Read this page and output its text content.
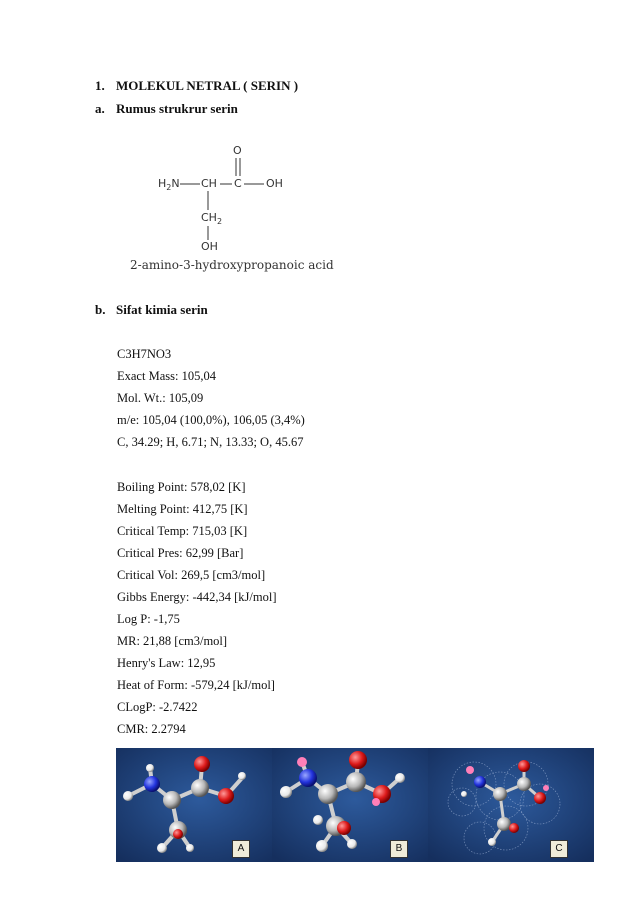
1. MOLEKUL NETRAL ( SERIN )
a. Rumus strukrur serin
O
$H_2N$ CH C OH
$CH_2$
OH
2-amino-3-hydroxypropanoic acid
b. Sifat kimia serin
C3H7NO3
Exact Mass: 105,04
Mol. Wt.: 105,09
m/e: 105,04 (100,0%), 106,05 (3,4%)
C, 34.29; H, 6.71; N, 13.33; O, 45.67
Boiling Point: 578,02 [K]
Melting Point: 412,75 [K]
Critical Temp: 715,03 [K]
Critical Pres: 62,99 [Bar]
Critical Vol: 269,5 [cm3/mol]
Gibbs Energy: -442,34 [kJ/mol]
Log P: -1,75
MR: 21,88 [cm3/mol]
Henry's Law: 12,95
Heat of Form: -579,24 [kJ/mol]
CLogP: -2.7422
CMR: 2.2794
A	B	C
